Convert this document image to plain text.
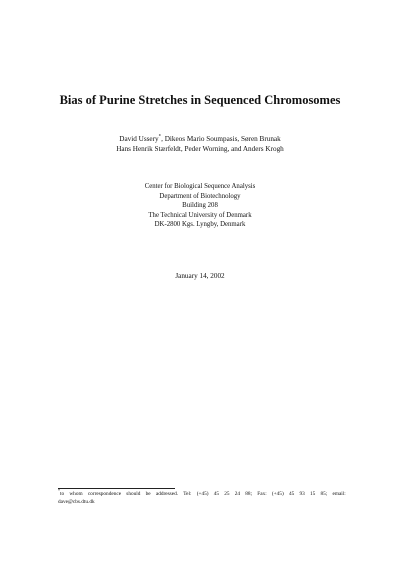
Bias of Purine Stretches in Sequenced Chromosomes
David Ussery*, Dikeos Mario Soumpasis, Søren Brunak
Hans Henrik Stærfeldt, Peder Worning, and Anders Krogh
Center for Biological Sequence Analysis
Department of Biotechnology
Building 208
The Technical University of Denmark
DK-2800 Kgs. Lyngby, Denmark
January 14, 2002
*to whom correspondence should be addressed. Tel: (+45) 45 25 24 88; Fax: (+45) 45 93 15 85; email:
dave@cbs.dtu.dk
